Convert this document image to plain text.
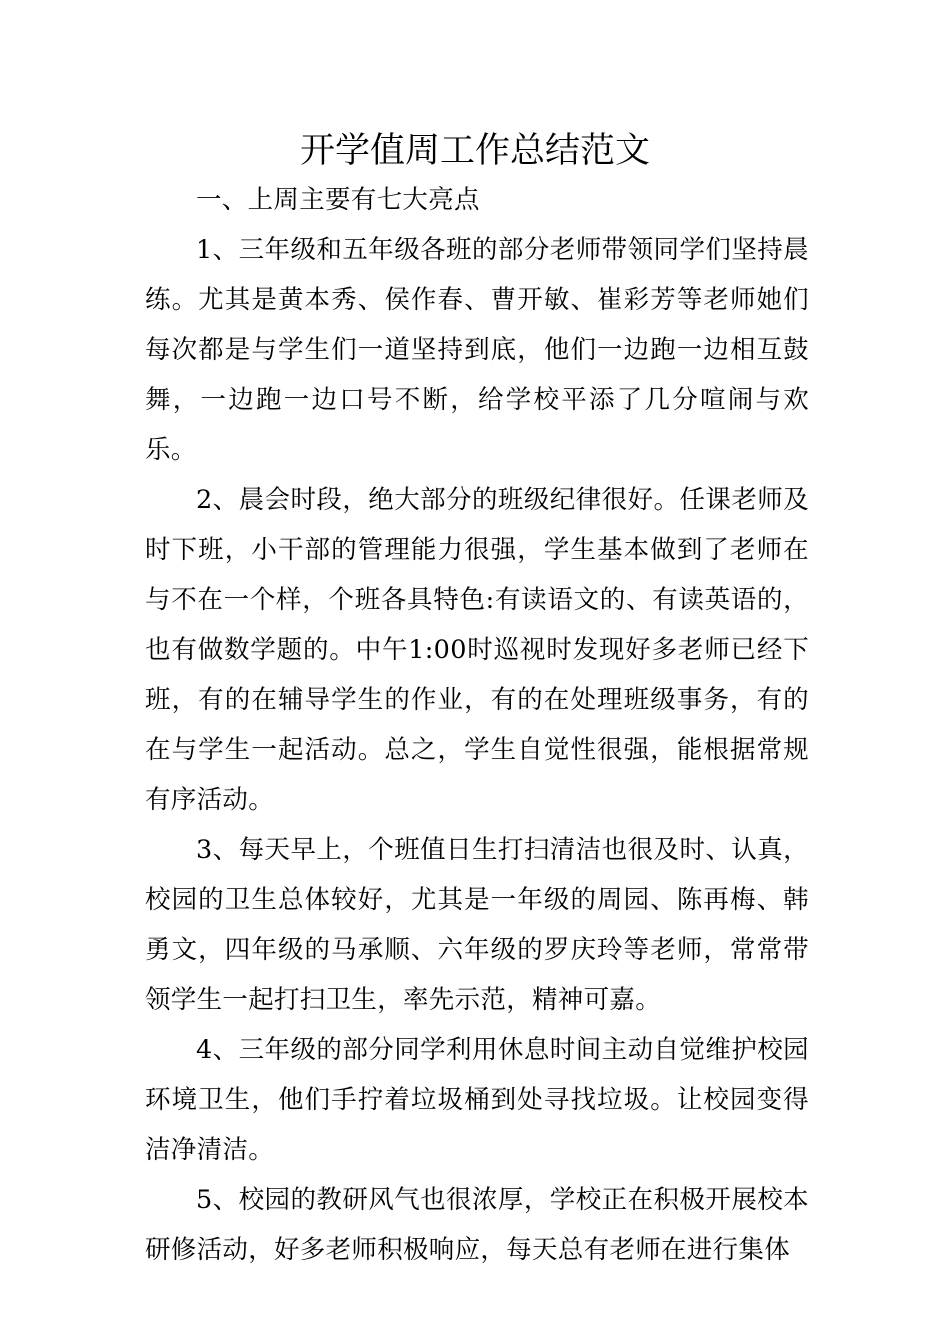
开学值周工作总结范文

一、上周主要有七大亮点

1、三年级和五年级各班的部分老师带领同学们坚持晨练。尤其是黄本秀、侯作春、曹开敏、崔彩芳等老师她们每次都是与学生们一道坚持到底，他们一边跑一边相互鼓舞，一边跑一边口号不断，给学校平添了几分喧闹与欢乐。

2、晨会时段，绝大部分的班级纪律很好。任课老师及时下班，小干部的管理能力很强，学生基本做到了老师在与不在一个样，个班各具特色:有读语文的、有读英语的，也有做数学题的。中午1:00时巡视时发现好多老师已经下班，有的在辅导学生的作业，有的在处理班级事务，有的在与学生一起活动。总之，学生自觉性很强，能根据常规有序活动。

3、每天早上，个班值日生打扫清洁也很及时、认真，校园的卫生总体较好，尤其是一年级的周园、陈再梅、韩勇文，四年级的马承顺、六年级的罗庆玲等老师，常常带领学生一起打扫卫生，率先示范，精神可嘉。

4、三年级的部分同学利用休息时间主动自觉维护校园环境卫生，他们手拧着垃圾桶到处寻找垃圾。让校园变得洁净清洁。

5、校园的教研风气也很浓厚，学校正在积极开展校本研修活动，好多老师积极响应，每天总有老师在进行集体
